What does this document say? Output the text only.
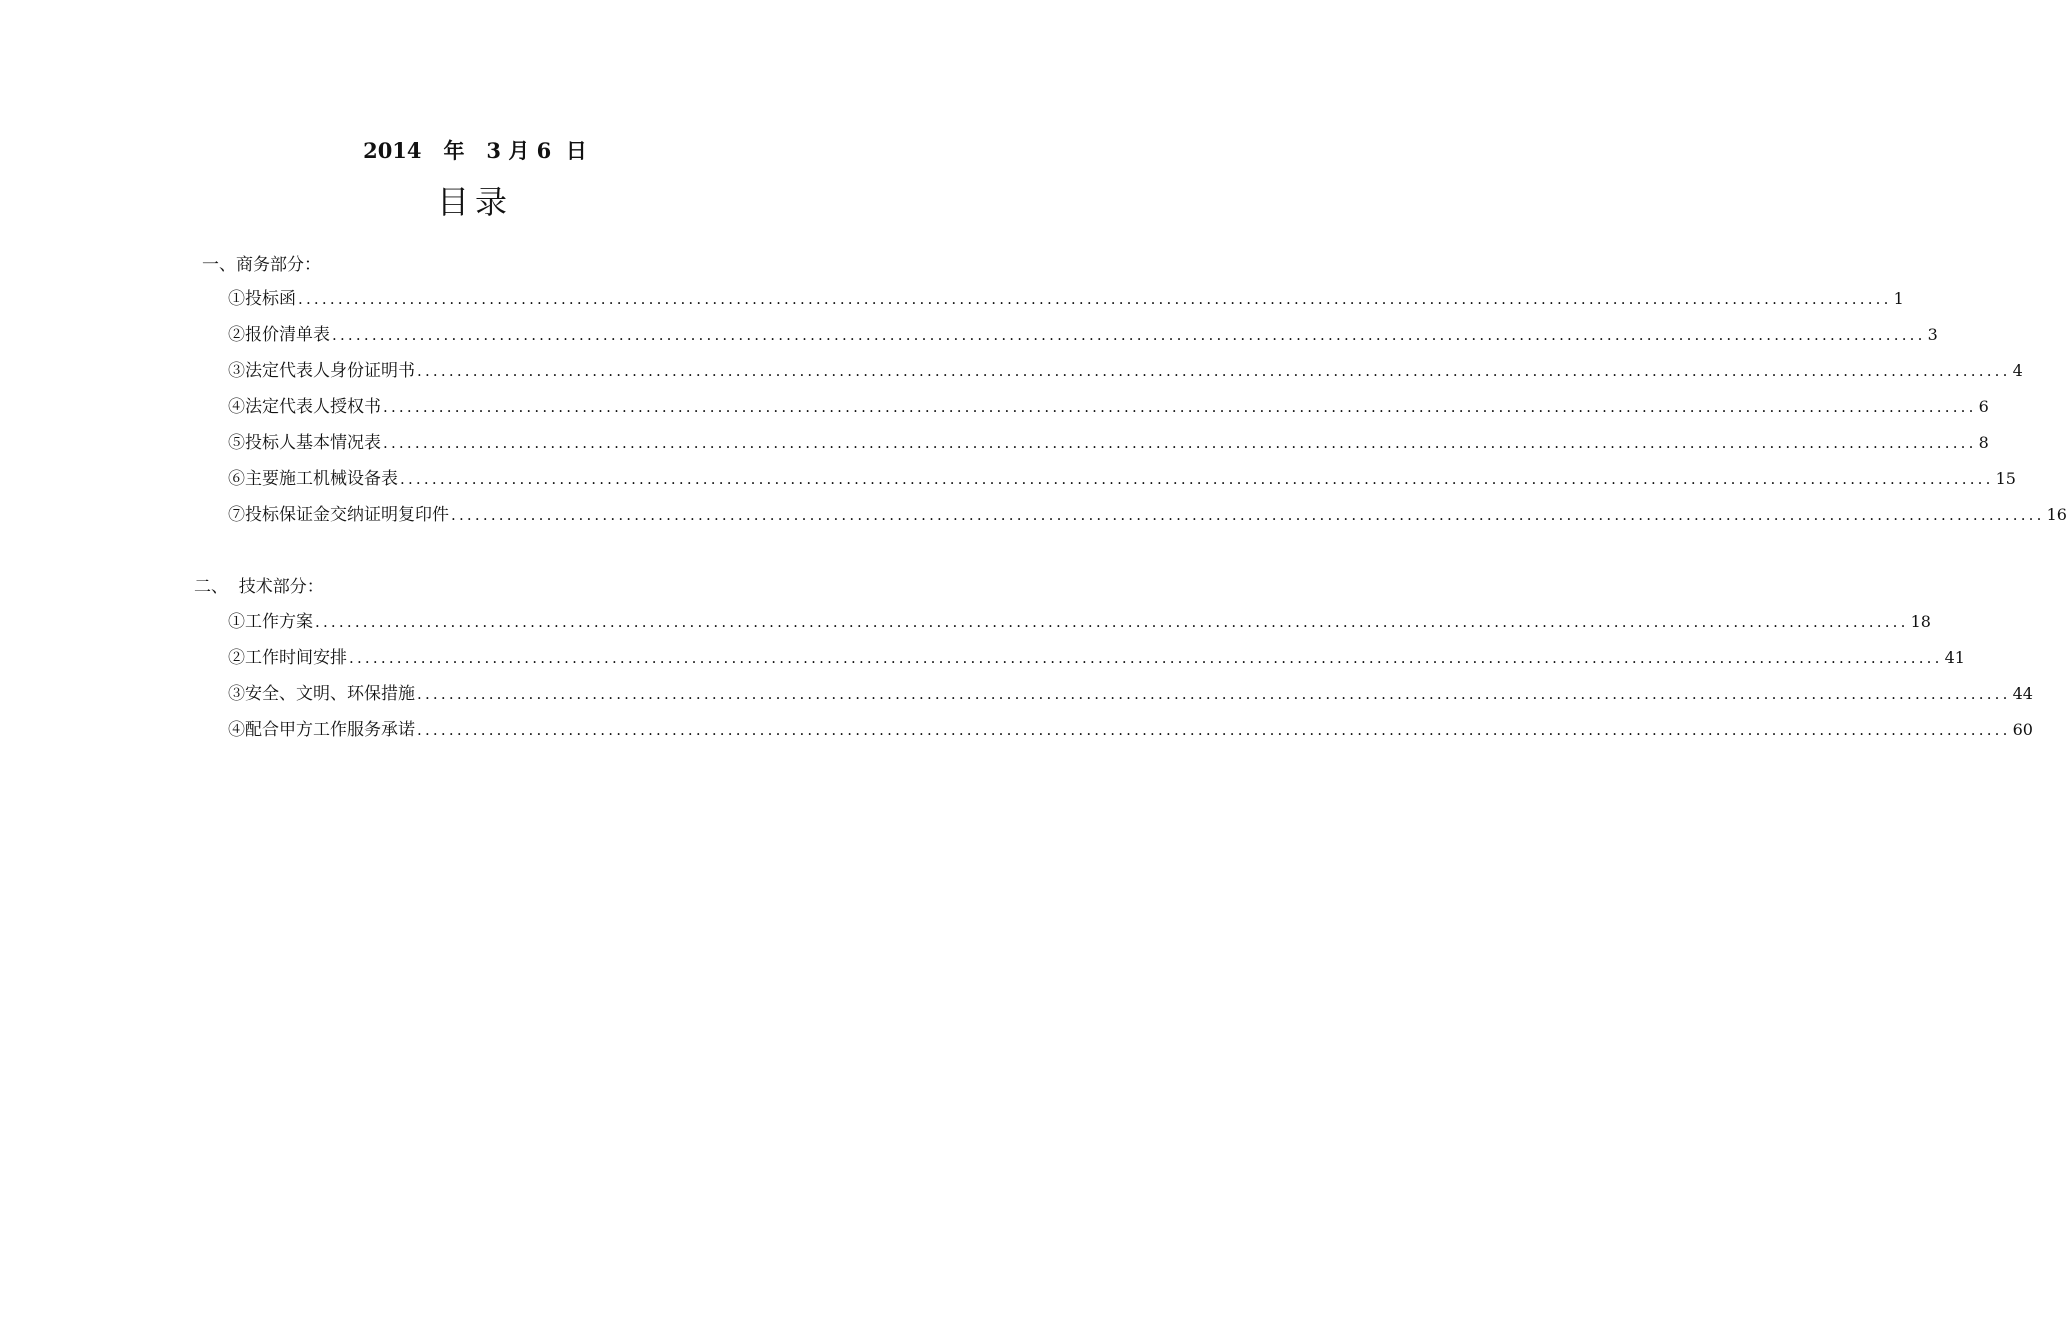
2014 年 3 月 6 日
目录
一、商务部分：
①投标函 ........................................................................................................................................................................................................ 1
②报价清单表 ........................................................................................................................................................................................................ 3
③法定代表人身份证明书 ........................................................................................................................................................................................................ 4
④法定代表人授权书 ........................................................................................................................................................................................................ 6
⑤投标人基本情况表 ........................................................................................................................................................................................................ 8
⑥主要施工机械设备表 ........................................................................................................................................................................................................ 15
⑦投标保证金交纳证明复印件 ........................................................................................................................................................................................................ 16
二、  技术部分：
①工作方案 ........................................................................................................................................................................................................ 18
②工作时间安排 ........................................................................................................................................................................................................ 41
③安全、文明、环保措施 ........................................................................................................................................................................................................ 44
④配合甲方工作服务承诺 ........................................................................................................................................................................................................ 60
